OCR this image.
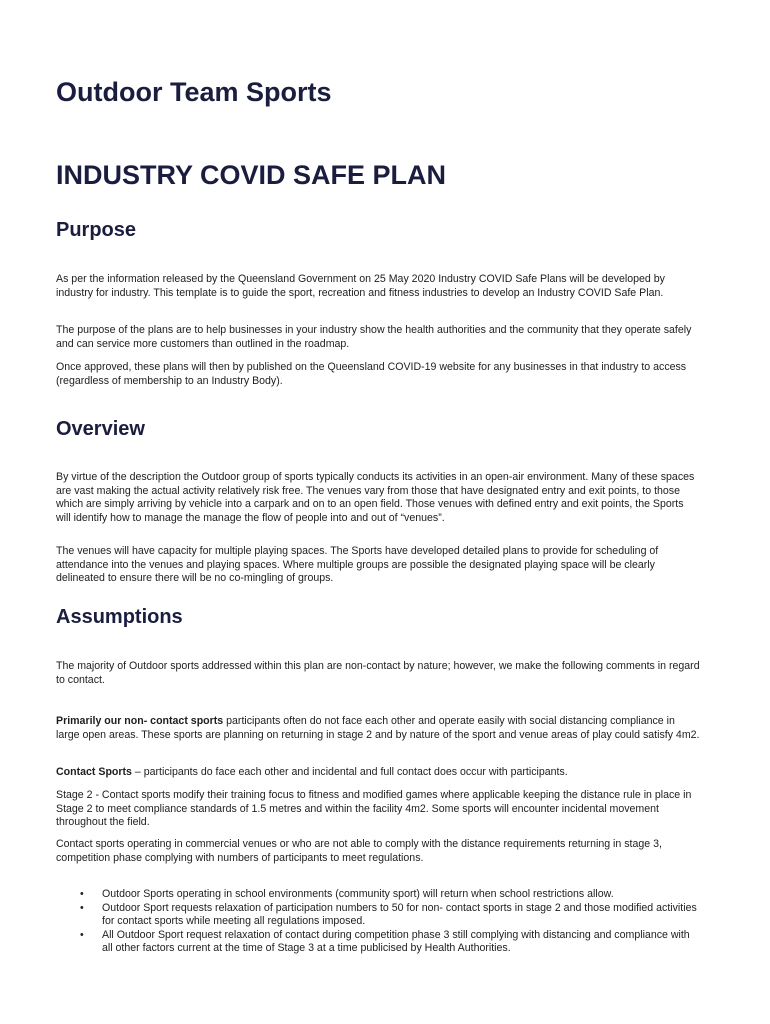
Outdoor Team Sports
INDUSTRY COVID SAFE PLAN
Purpose

As per the information released by the Queensland Government on 25 May 2020 Industry COVID Safe Plans will be developed by industry for industry. This template is to guide the sport, recreation and fitness industries to develop an Industry COVID Safe Plan.

The purpose of the plans are to help businesses in your industry show the health authorities and the community that they operate safely and can service more customers than outlined in the roadmap.

Once approved, these plans will then by published on the Queensland COVID-19 website for any businesses in that industry to access (regardless of membership to an Industry Body).

Overview

By virtue of the description the Outdoor group of sports typically conducts its activities in an open-air environment. Many of these spaces are vast making the actual activity relatively risk free. The venues vary from those that have designated entry and exit points, to those which are simply arriving by vehicle into a carpark and on to an open field. Those venues with defined entry and exit points, the Sports will identify how to manage the manage the flow of people into and out of “venues”.

The venues will have capacity for multiple playing spaces. The Sports have developed detailed plans to provide for scheduling of attendance into the venues and playing spaces. Where multiple groups are possible the designated playing space will be clearly delineated to ensure there will be no co-mingling of groups.

Assumptions

The majority of Outdoor sports addressed within this plan are non-contact by nature; however, we make the following comments in regard to contact.

Primarily our non- contact sports participants often do not face each other and operate easily with social distancing compliance in large open areas. These sports are planning on returning in stage 2 and by nature of the sport and venue areas of play could satisfy 4m2.

Contact Sports – participants do face each other and incidental and full contact does occur with participants.

Stage 2 - Contact sports modify their training focus to fitness and modified games where applicable keeping the distance rule in place in Stage 2 to meet compliance standards of 1.5 metres and within the facility 4m2. Some sports will encounter incidental movement throughout the field.

Contact sports operating in commercial venues or who are not able to comply with the distance requirements returning in stage 3, competition phase complying with numbers of participants to meet regulations.

• Outdoor Sports operating in school environments (community sport) will return when school restrictions allow.
• Outdoor Sport requests relaxation of participation numbers to 50 for non- contact sports in stage 2 and those modified activities for contact sports while meeting all regulations imposed.
• All Outdoor Sport request relaxation of contact during competition phase 3 still complying with distancing and compliance with all other factors current at the time of Stage 3 at a time publicised by Health Authorities.
